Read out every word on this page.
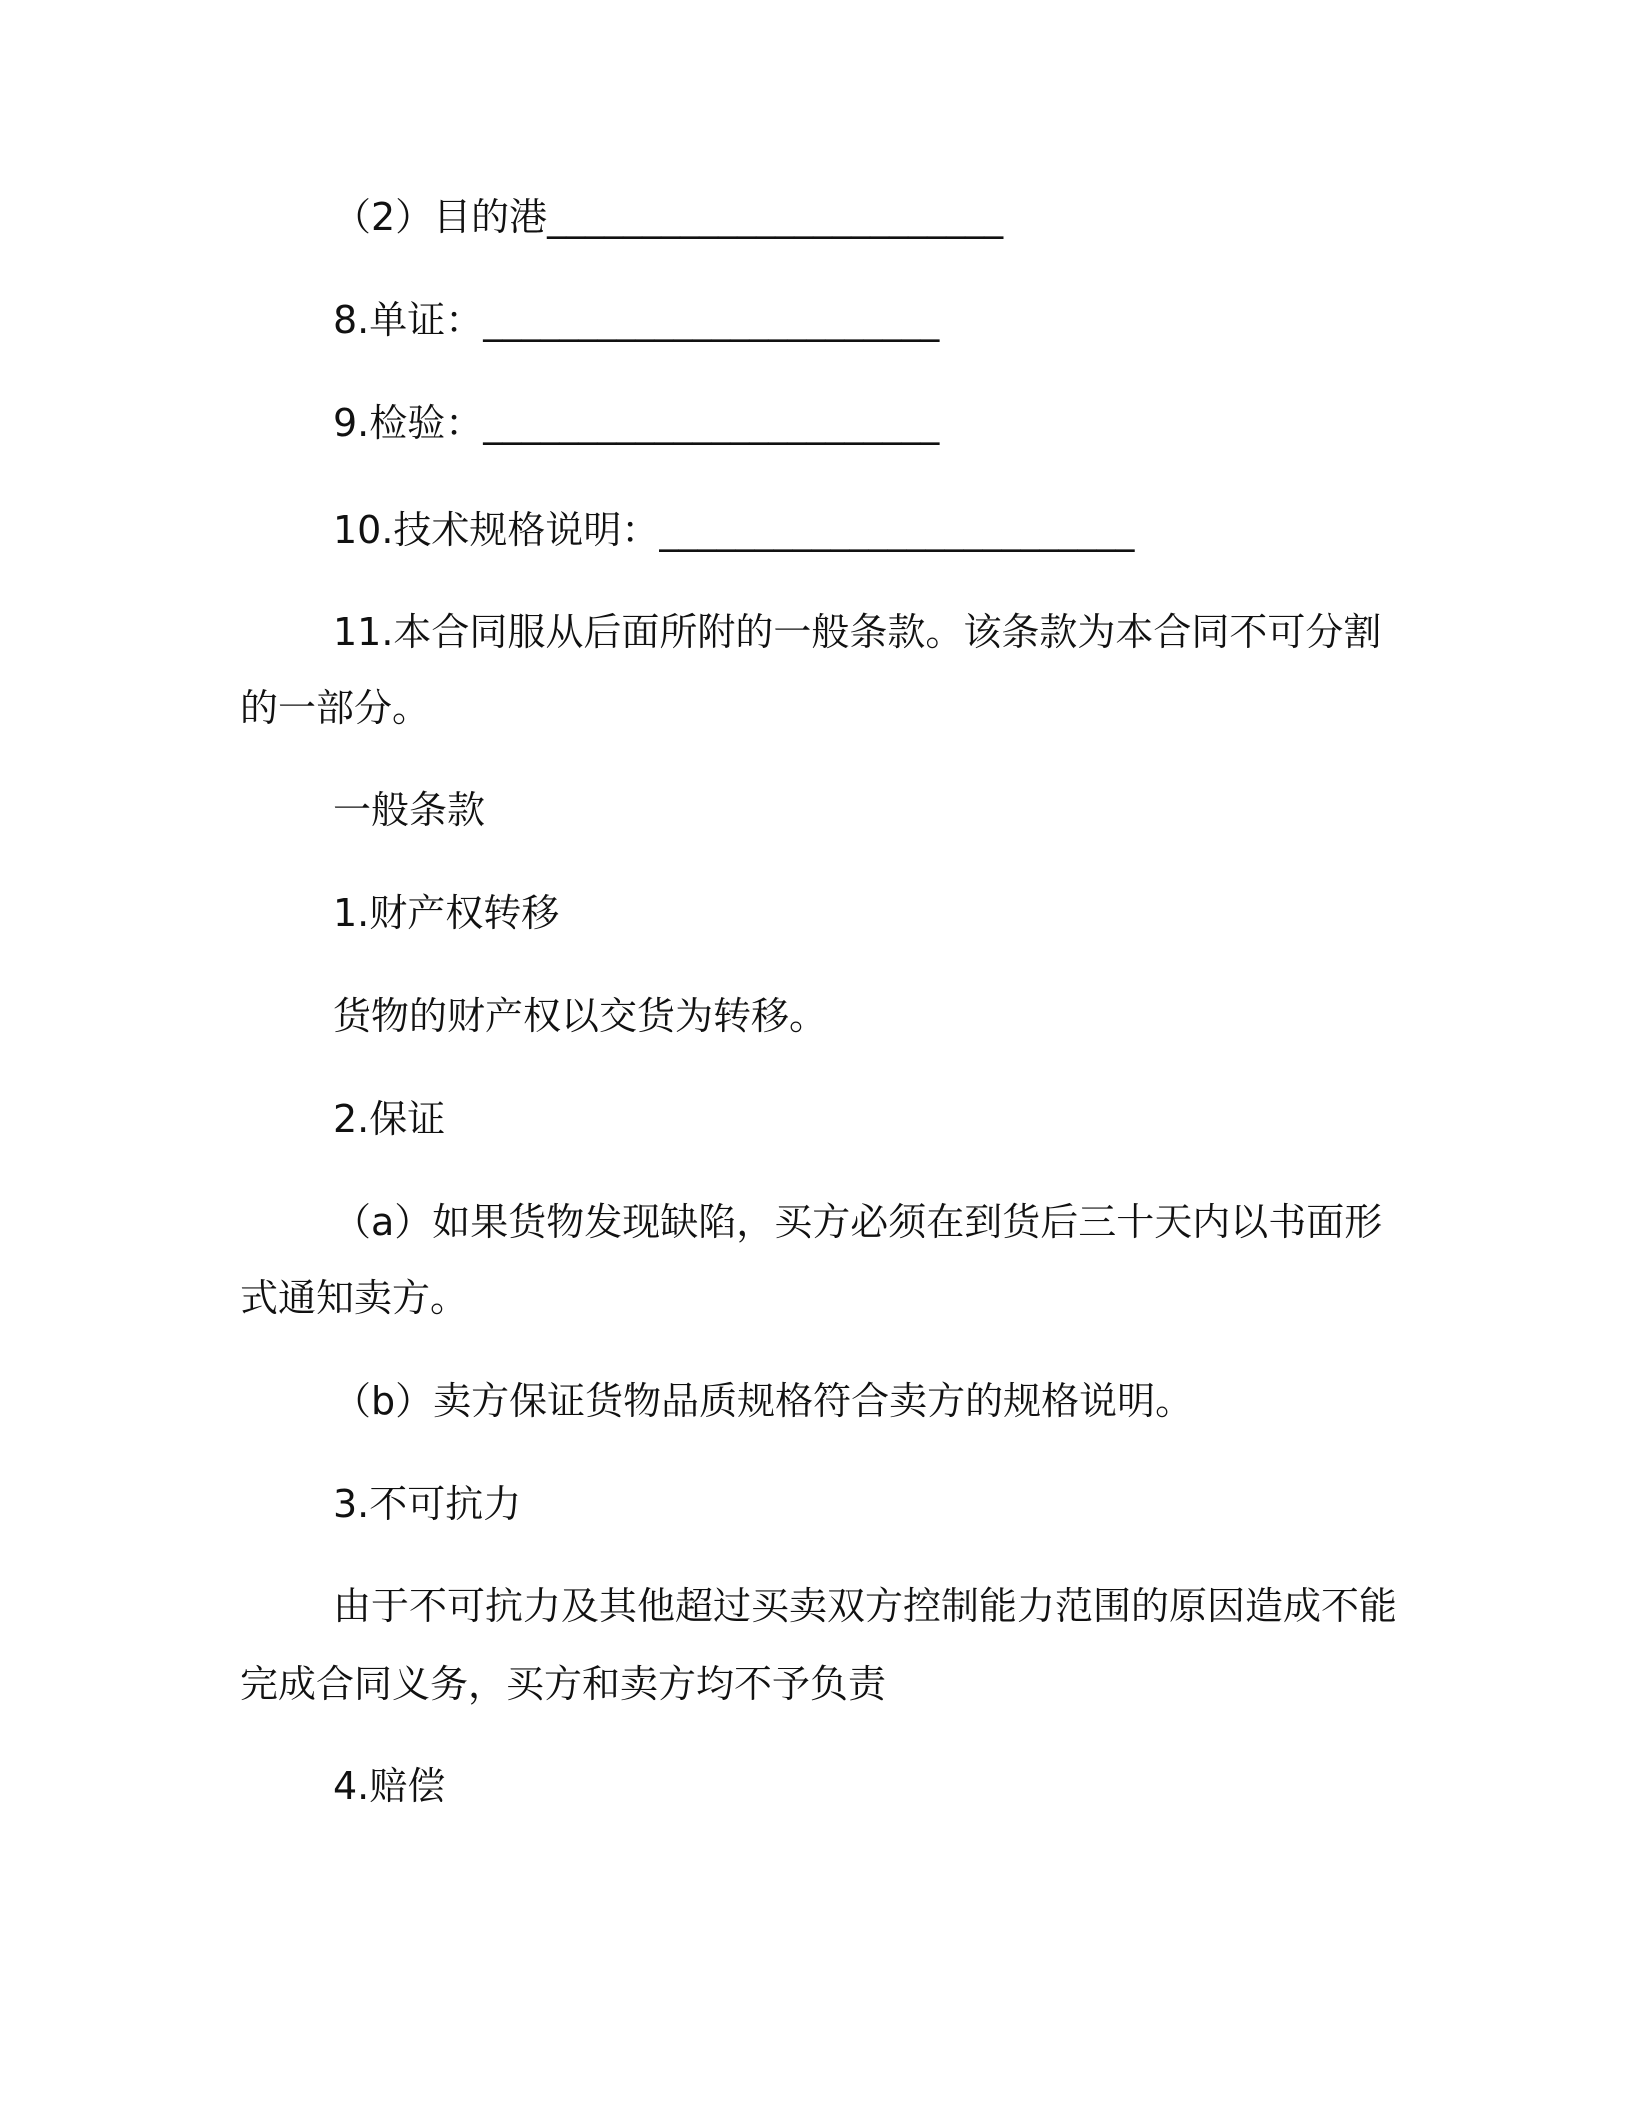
（2）目的港________________________
8.单证：________________________
9.检验：________________________
10.技术规格说明：_________________________
11.本合同服从后面所附的一般条款。该条款为本合同不可分割
的一部分。
一般条款
1.财产权转移
货物的财产权以交货为转移。
2.保证
（a）如果货物发现缺陷，买方必须在到货后三十天内以书面形
式通知卖方。
（b）卖方保证货物品质规格符合卖方的规格说明。
3.不可抗力
由于不可抗力及其他超过买卖双方控制能力范围的原因造成不能
完成合同义务，买方和卖方均不予负责
4.赔偿
